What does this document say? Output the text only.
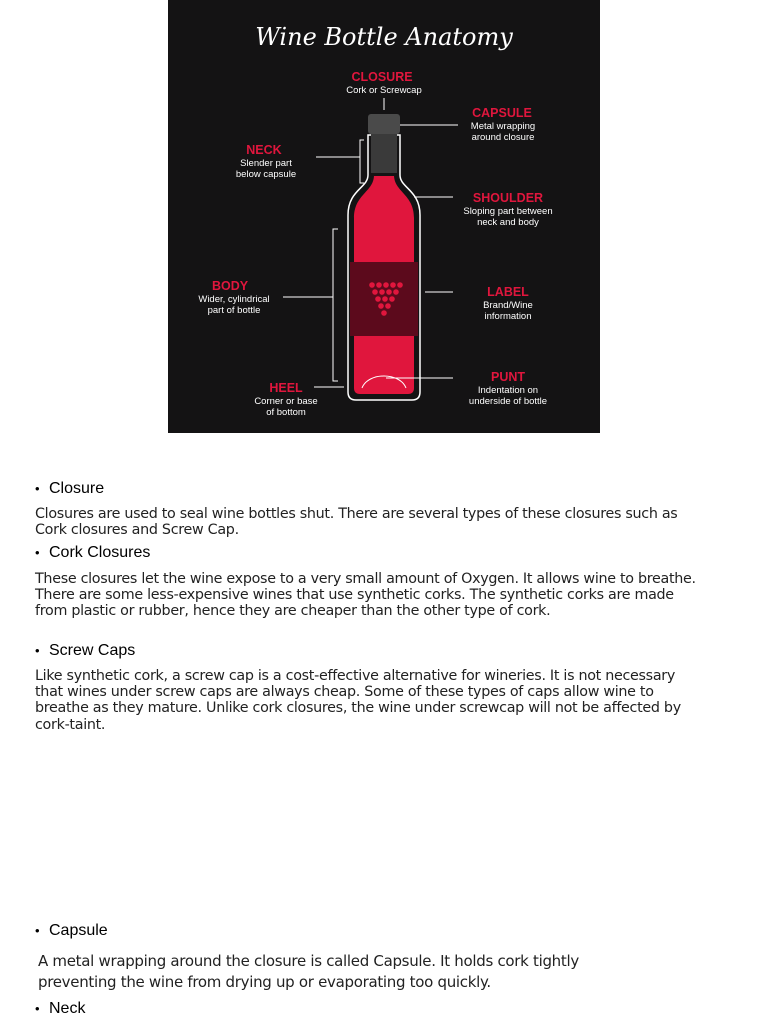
Wine Bottle Anatomy
CLOSURE
Cork or Screwcap
CAPSULE
Metal wrapping
around closure
NECK
Slender part
below capsule
SHOULDER
Sloping part between
neck and body
BODY
Wider, cylindrical
part of bottle
LABEL
Brand/Wine
information
HEEL
Corner or base
of bottom
PUNT
Indentation on
underside of bottle
• Closure
Closures are used to seal wine bottles shut. There are several types of these closures such as Cork closures and Screw Cap.
• Cork Closures
These closures let the wine expose to a very small amount of Oxygen. It allows wine to breathe. There are some less-expensive wines that use synthetic corks. The synthetic corks are made from plastic or rubber, hence they are cheaper than the other type of cork.
• Screw Caps
Like synthetic cork, a screw cap is a cost-effective alternative for wineries. It is not necessary that wines under screw caps are always cheap. Some of these types of caps allow wine to breathe as they mature. Unlike cork closures, the wine under screwcap will not be affected by cork-taint.
• Capsule
A metal wrapping around the closure is called Capsule. It holds cork tightly preventing the wine from drying up or evaporating too quickly.
• Neck
